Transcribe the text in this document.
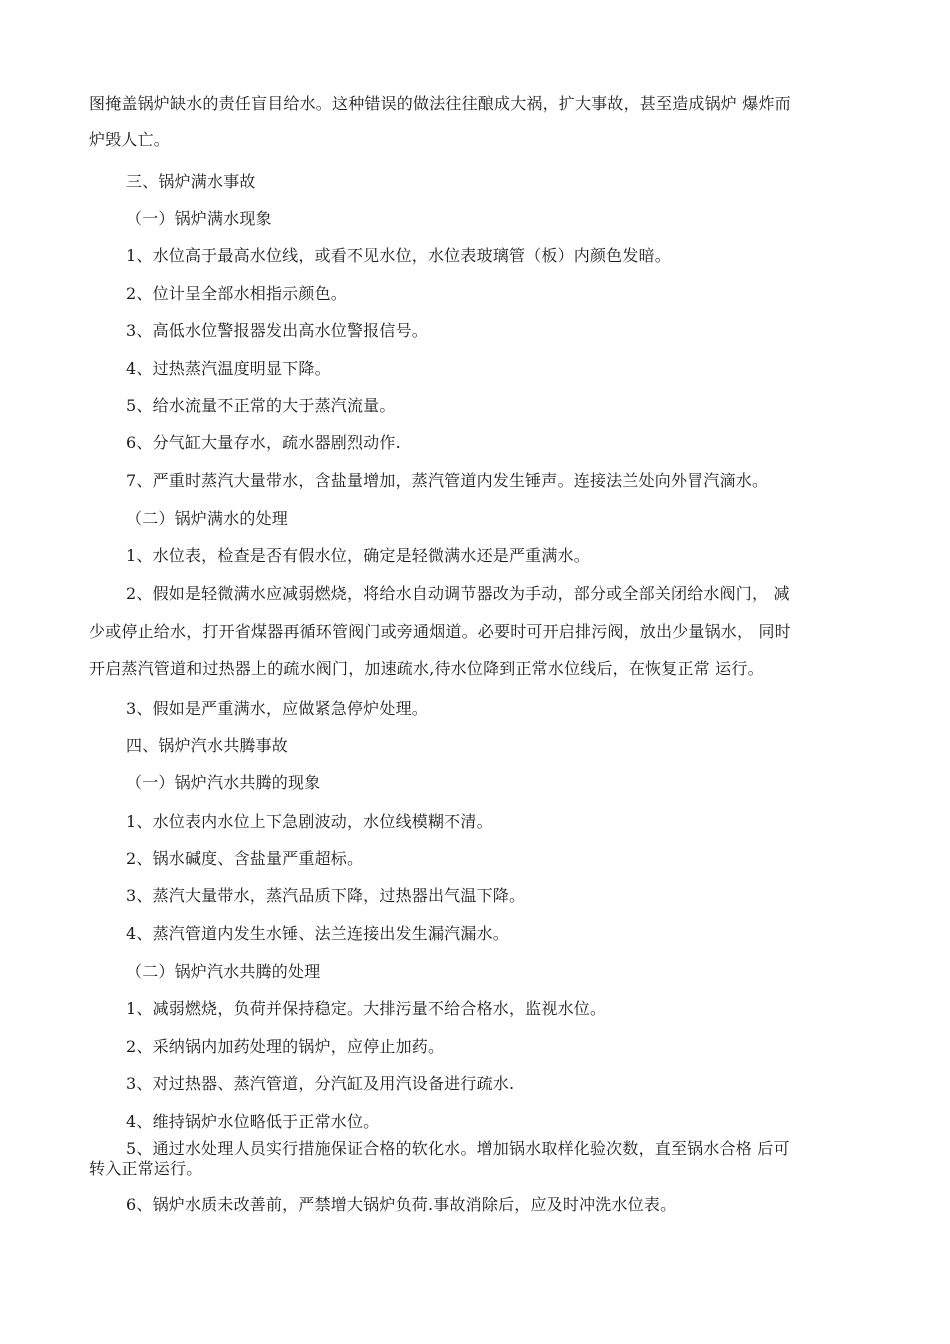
图掩盖锅炉缺水的责任盲目给水。这种错误的做法往往酿成大祸，扩大事故，甚至造成锅炉 爆炸而
炉毁人亡。
三、锅炉满水事故
（一）锅炉满水现象
1、水位高于最高水位线，或看不见水位，水位表玻璃管（板）内颜色发暗。
2、位计呈全部水相指示颜色。
3、高低水位警报器发出高水位警报信号。
4、过热蒸汽温度明显下降。
5、给水流量不正常的大于蒸汽流量。
6、分气缸大量存水，疏水器剧烈动作.
7、严重时蒸汽大量带水，含盐量增加，蒸汽管道内发生锤声。连接法兰处向外冒汽滴水。
（二）锅炉满水的处理
1、水位表，检查是否有假水位，确定是轻微满水还是严重满水。
2、假如是轻微满水应减弱燃烧，将给水自动调节器改为手动，部分或全部关闭给水阀门， 减
少或停止给水，打开省煤器再循环管阀门或旁通烟道。必要时可开启排污阀，放出少量锅水， 同时
开启蒸汽管道和过热器上的疏水阀门，加速疏水,待水位降到正常水位线后，在恢复正常 运行。
3、假如是严重满水，应做紧急停炉处理。
四、锅炉汽水共腾事故
（一）锅炉汽水共腾的现象
1、水位表内水位上下急剧波动，水位线模糊不清。
2、锅水碱度、含盐量严重超标。
3、蒸汽大量带水，蒸汽品质下降，过热器出气温下降。
4、蒸汽管道内发生水锤、法兰连接出发生漏汽漏水。
（二）锅炉汽水共腾的处理
1、减弱燃烧，负荷并保持稳定。大排污量不给合格水，监视水位。
2、采纳锅内加药处理的锅炉，应停止加药。
3、对过热器、蒸汽管道，分汽缸及用汽设备进行疏水.
4、维持锅炉水位略低于正常水位。
5、通过水处理人员实行措施保证合格的软化水。增加锅水取样化验次数，直至锅水合格 后可
转入正常运行。
6、锅炉水质未改善前，严禁增大锅炉负荷.事故消除后，应及时冲洗水位表。
